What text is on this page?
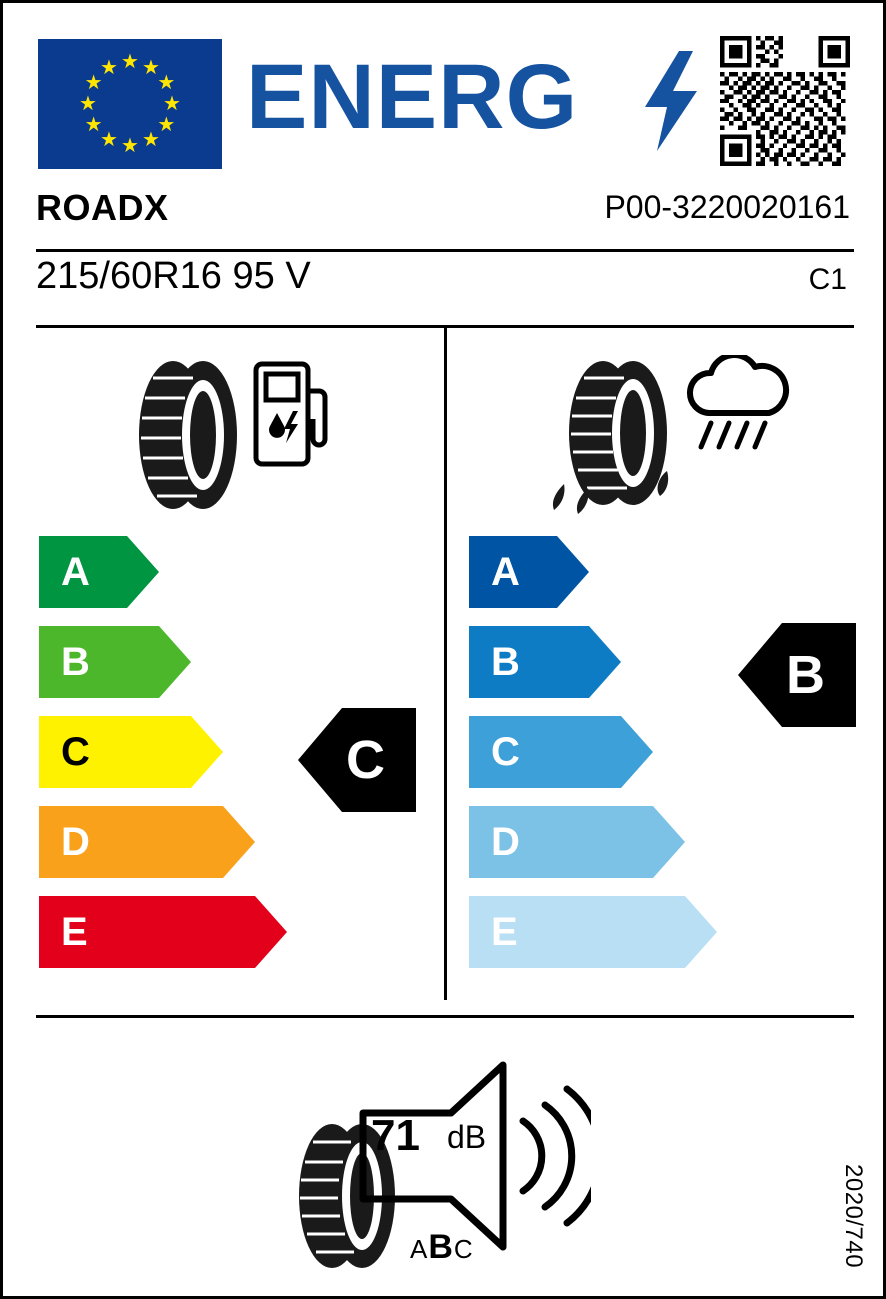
★ ★
★
★
★
★
★
★
★
★
★
★ ENERG
ROADX	P00-3220020161
215/60R16 95 V	C1
A
B
C
D
E
C
A
B
C
D
E
B
71 dB
ABC	2020/740
